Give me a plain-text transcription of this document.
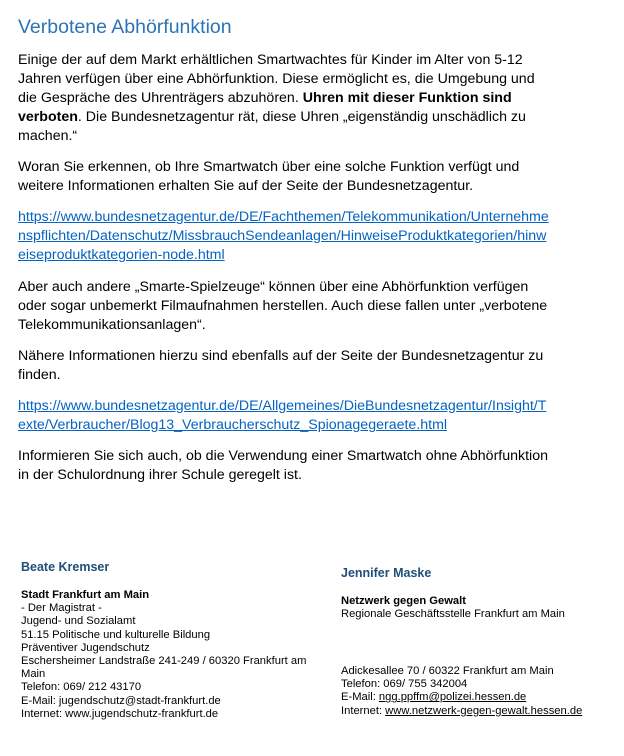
Verbotene Abhörfunktion

Einige der auf dem Markt erhältlichen Smartwachtes für Kinder im Alter von 5-12
Jahren verfügen über eine Abhörfunktion. Diese ermöglicht es, die Umgebung und
die Gespräche des Uhrenträgers abzuhören. Uhren mit dieser Funktion sind
verboten. Die Bundesnetzagentur rät, diese Uhren „eigenständig unschädlich zu
machen.“

Woran Sie erkennen, ob Ihre Smartwatch über eine solche Funktion verfügt und
weitere Informationen erhalten Sie auf der Seite der Bundesnetzagentur.

https://www.bundesnetzagentur.de/DE/Fachthemen/Telekommunikation/Unternehme
nspflichten/Datenschutz/MissbrauchSendeanlagen/HinweiseProduktkategorien/hinw
eiseproduktkategorien-node.html

Aber auch andere „Smarte-Spielzeuge“ können über eine Abhörfunktion verfügen
oder sogar unbemerkt Filmaufnahmen herstellen. Auch diese fallen unter „verbotene
Telekommunikationsanlagen“.

Nähere Informationen hierzu sind ebenfalls auf der Seite der Bundesnetzagentur zu
finden.

https://www.bundesnetzagentur.de/DE/Allgemeines/DieBundesnetzagentur/Insight/T
exte/Verbraucher/Blog13_Verbraucherschutz_Spionagegeraete.html

Informieren Sie sich auch, ob die Verwendung einer Smartwatch ohne Abhörfunktion
in der Schulordnung ihrer Schule geregelt ist.

Beate Kremser
Stadt Frankfurt am Main
- Der Magistrat -
Jugend- und Sozialamt
51.15 Politische und kulturelle Bildung
Präventiver Jugendschutz
Eschersheimer Landstraße 241-249 / 60320 Frankfurt am
Main
Telefon: 069/ 212 43170
E-Mail: jugendschutz@stadt-frankfurt.de
Internet: www.jugendschutz-frankfurt.de
Jennifer Maske
Netzwerk gegen Gewalt
Regionale Geschäftsstelle Frankfurt am Main
Adickesallee 70 / 60322 Frankfurt am Main
Telefon: 069/ 755 342004
E-Mail: ngg.ppffm@polizei.hessen.de
Internet: www.netzwerk-gegen-gewalt.hessen.de
